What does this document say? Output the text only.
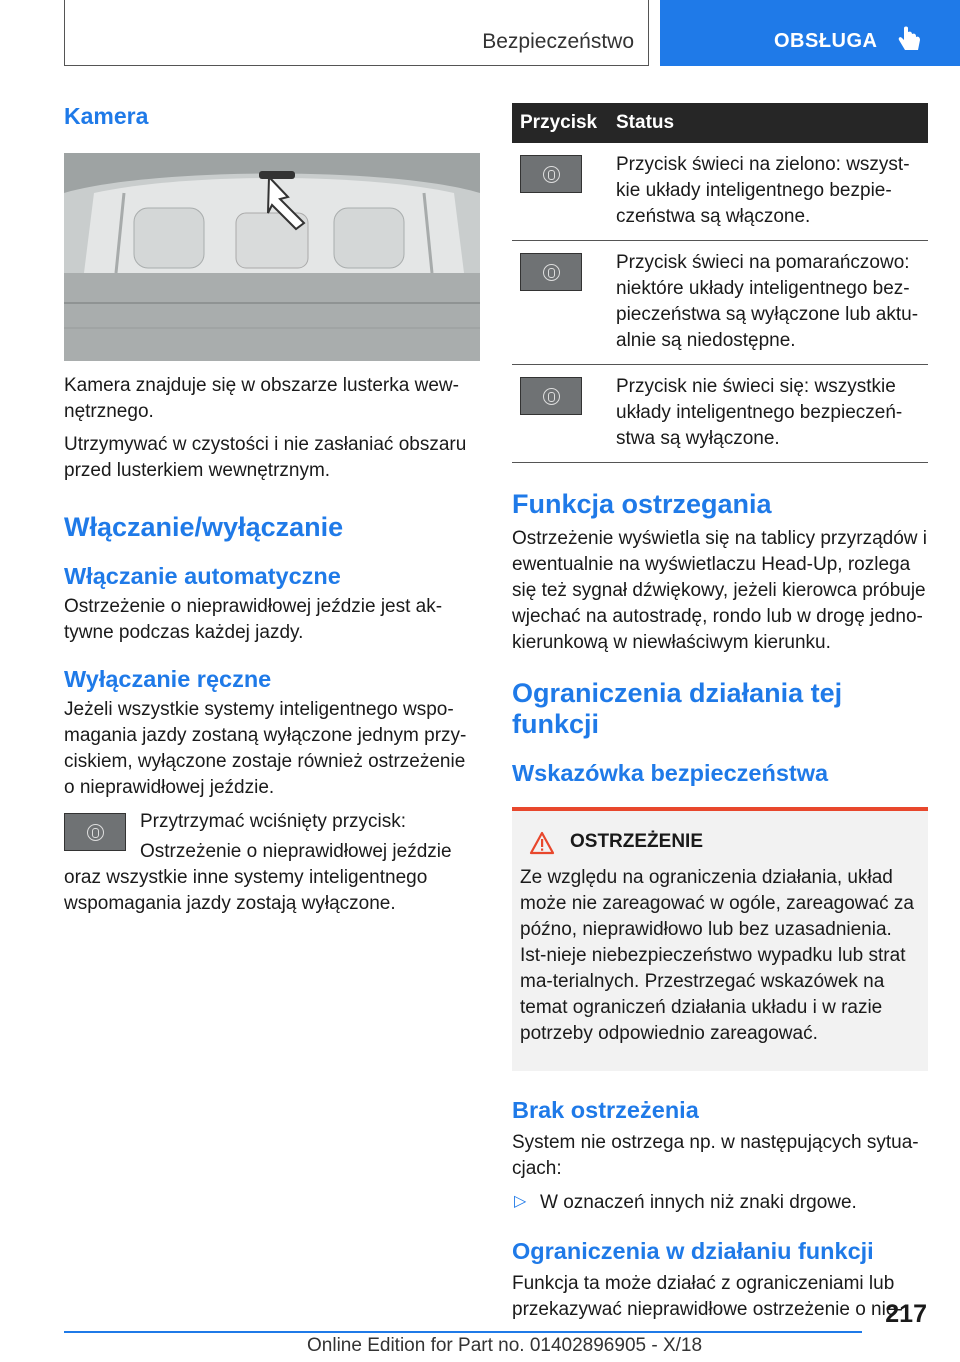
Bezpieczeństwo	OBSŁUGA
Kamera

Kamera znajduje się w obszarze lusterka wew-nętrznego.

Utrzymywać w czystości i nie zasłaniać obszaru przed lusterkiem wewnętrznym.

Włączanie/wyłączanie
Włączanie automatyczne

Ostrzeżenie o nieprawidłowej jeździe jest ak-tywne podczas każdej jazdy.

Wyłączanie ręczne

Jeżeli wszystkie systemy inteligentnego wspo-magania jazdy zostaną wyłączone jednym przy-ciskiem, wyłączone zostaje również ostrzeżenie o nieprawidłowej jeździe.

Przytrzymać wciśnięty przycisk:

Ostrzeżenie o nieprawidłowej jeździe oraz wszystkie inne systemy inteligentnego wspomagania jazdy zostają wyłączone.

Przycisk	Status

	Przycisk świeci na zielono: wszyst-kie układy inteligentnego bezpie-czeństwa są włączone.

	Przycisk świeci na pomarańczowo: niektóre układy inteligentnego bez-pieczeństwa są wyłączone lub aktu-alnie są niedostępne.

	Przycisk nie świeci się: wszystkie układy inteligentnego bezpieczeń-stwa są wyłączone.
Funkcja ostrzegania

Ostrzeżenie wyświetla się na tablicy przyrządów i ewentualnie na wyświetlaczu Head-Up, rozlega się też sygnał dźwiękowy, jeżeli kierowca próbuje wjechać na autostradę, rondo lub w drogę jedno-kierunkową w niewłaściwym kierunku.

Ograniczenia działania tej funkcji
Wskazówka bezpieczeństwa
OSTRZEŻENIE

Ze względu na ograniczenia działania, układ może nie zareagować w ogóle, zareagować za późno, nieprawidłowo lub bez uzasadnienia. Ist-nieje niebezpieczeństwo wypadku lub strat ma-terialnych. Przestrzegać wskazówek na temat ograniczeń działania układu i w razie potrzeby odpowiednio zareagować.

Brak ostrzeżenia

System nie ostrzega np. w następujących sytua-cjach:

▷ W oznaczeń innych niż znaki drgowe.

Ograniczenia w działaniu funkcji

Funkcja ta może działać z ograniczeniami lub przekazywać nieprawidłowe ostrzeżenie o nie-

217
Online Edition for Part no. 01402896905 - X/18
